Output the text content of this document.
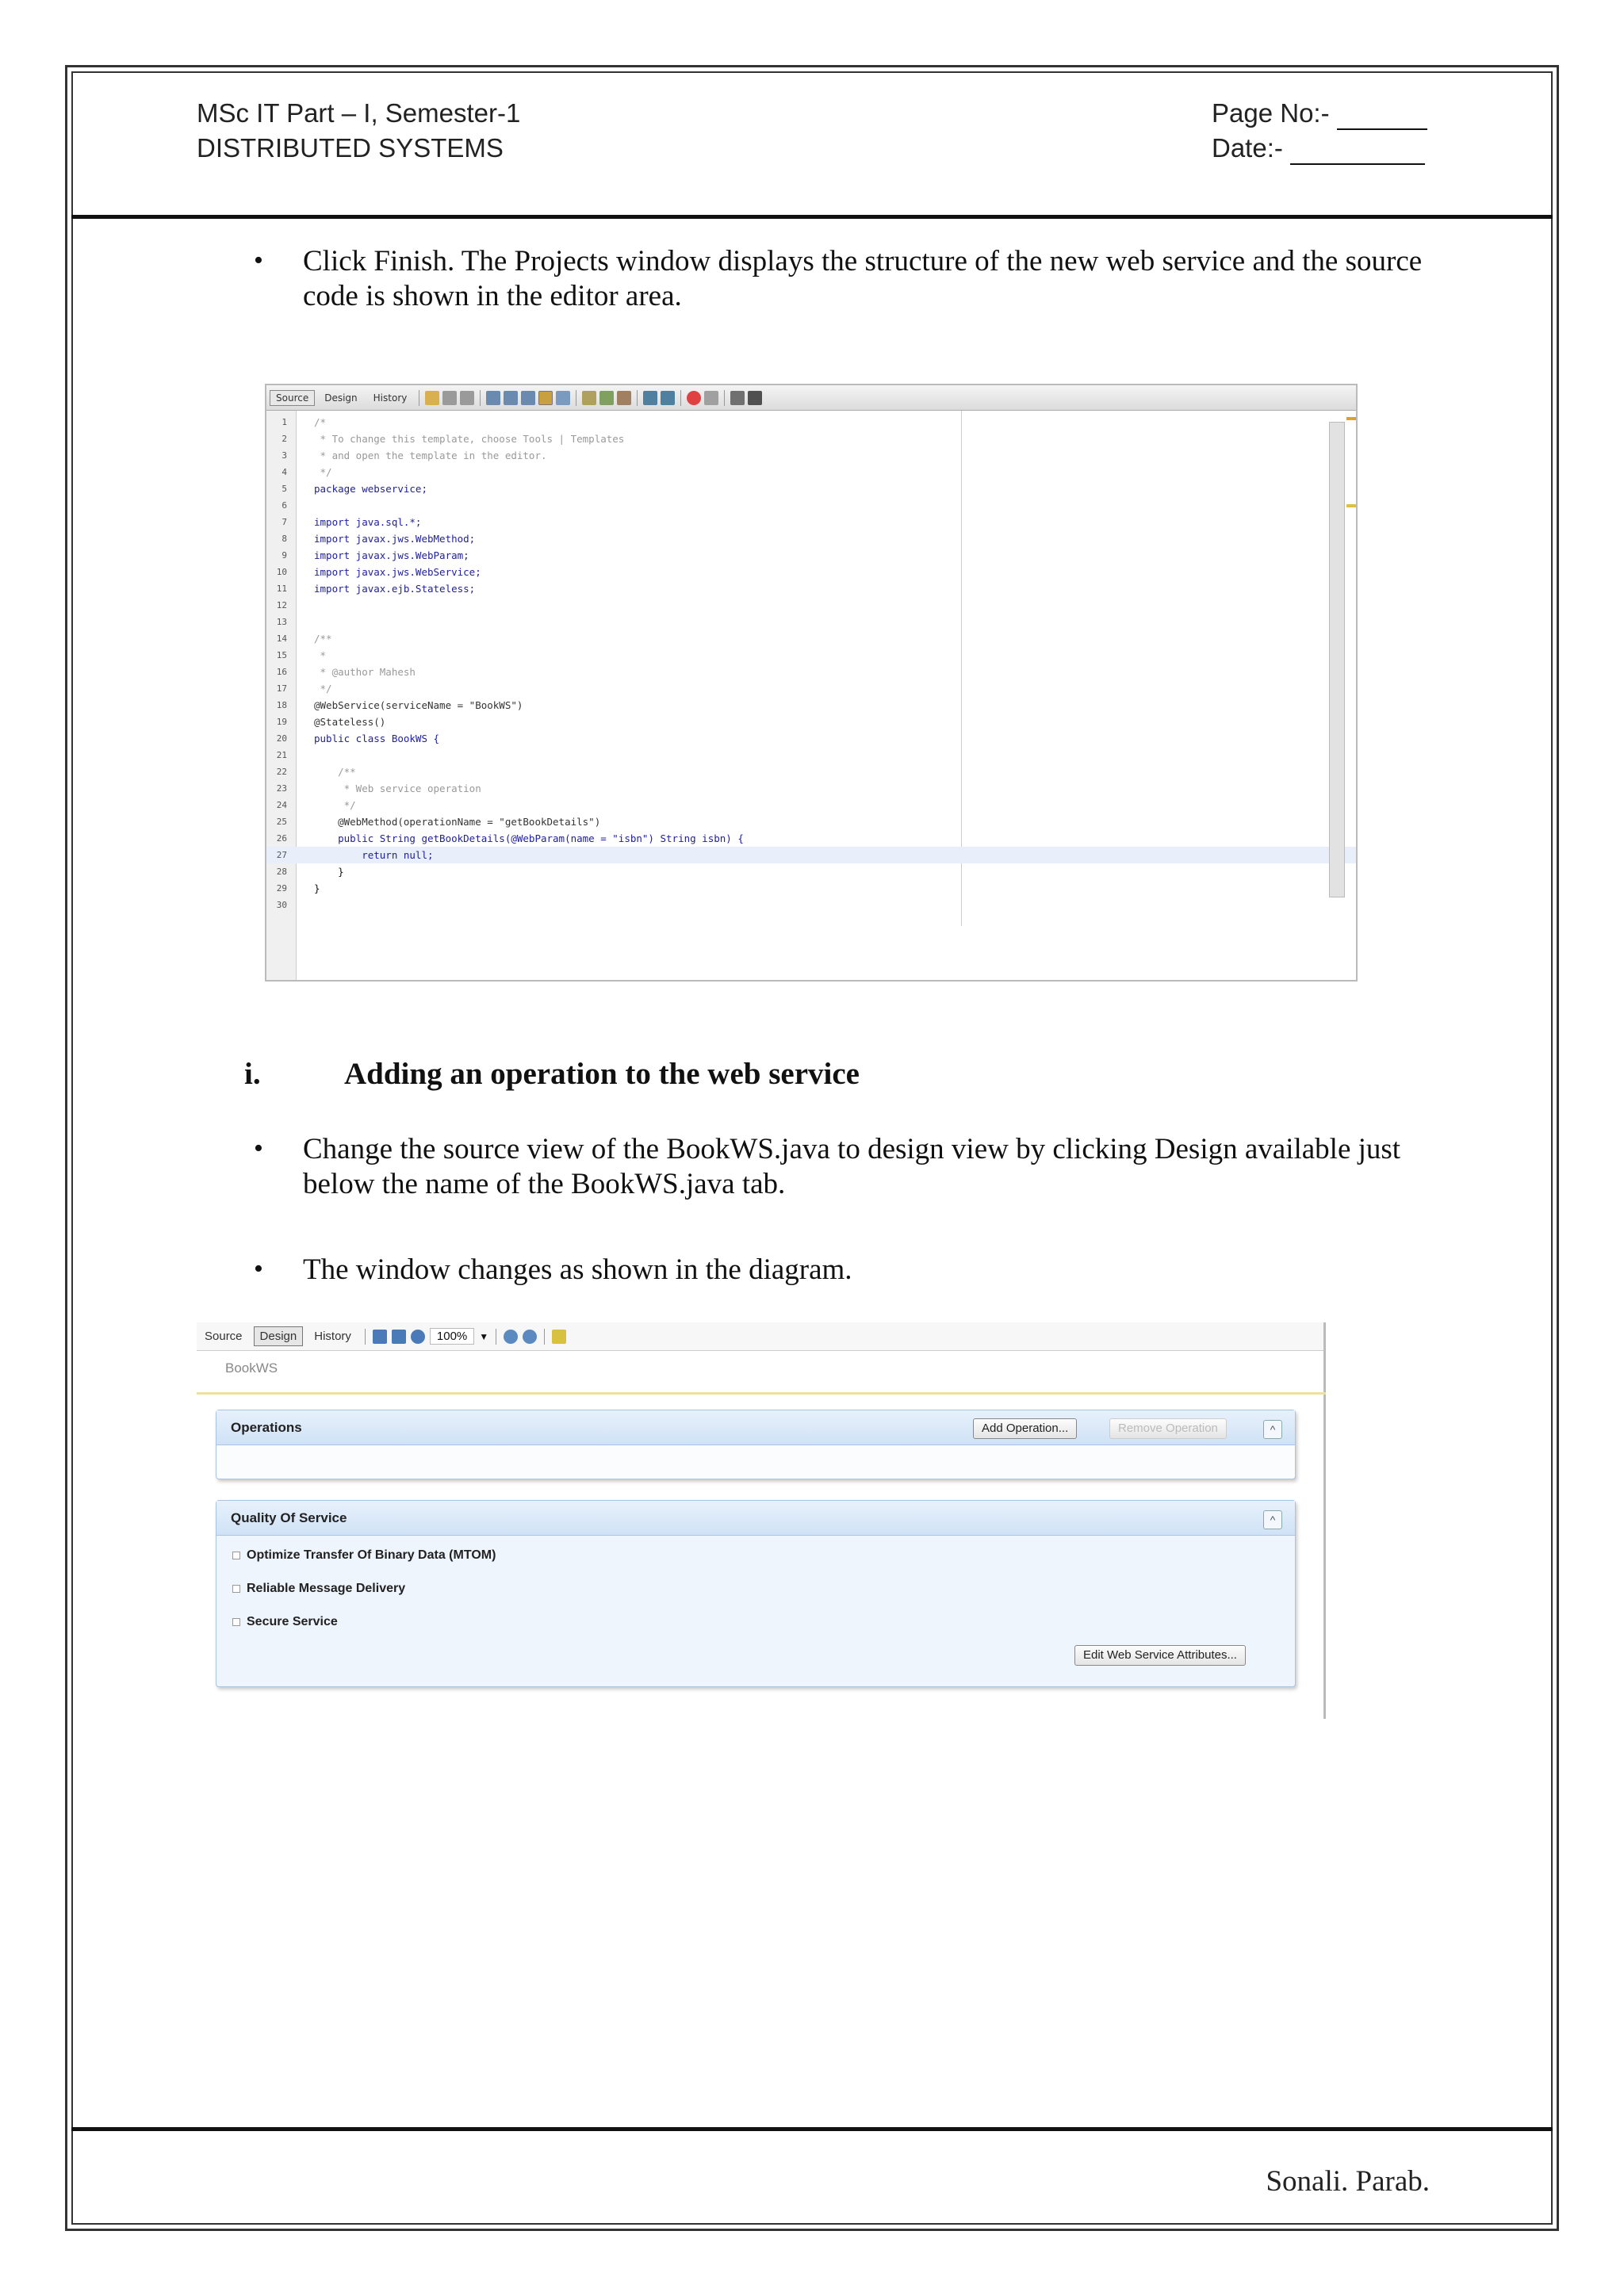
MSc IT Part – I, Semester-1
DISTRIBUTED SYSTEMS
Page No:-
Date:-
• Click Finish. The Projects window displays the structure of the new web service and the source code is shown in the editor area.
Source	Design	History
1	/*
2	* To change this template, choose Tools | Templates
3	* and open the template in the editor.
4	*/
5	package webservice;
6
7	import java.sql.*;
8	import javax.jws.WebMethod;
9	import javax.jws.WebParam;
10	import javax.jws.WebService;
11	import javax.ejb.Stateless;
12
13
14	/**
15	*
16	* @author Mahesh
17	*/
18	@WebService(serviceName = "BookWS")
19	@Stateless()
20	public class BookWS {
21
22	/**
23	* Web service operation
24	*/
25	@WebMethod(operationName = "getBookDetails")
26	public String getBookDetails(@WebParam(name = "isbn") String isbn) {
27	return null;
28	}
29	}
30
i.	Adding an operation to the web service
• Change the source view of the BookWS.java to design view by clicking Design available just below the name of the BookWS.java tab.
• The window changes as shown in the diagram.
Source	Design	History	100%	▼
BookWS
Operations	Add Operation...	Remove Operation	^
Quality Of Service	^
Optimize Transfer Of Binary Data (MTOM)
Reliable Message Delivery
Secure Service
Edit Web Service Attributes...
Sonali. Parab.
